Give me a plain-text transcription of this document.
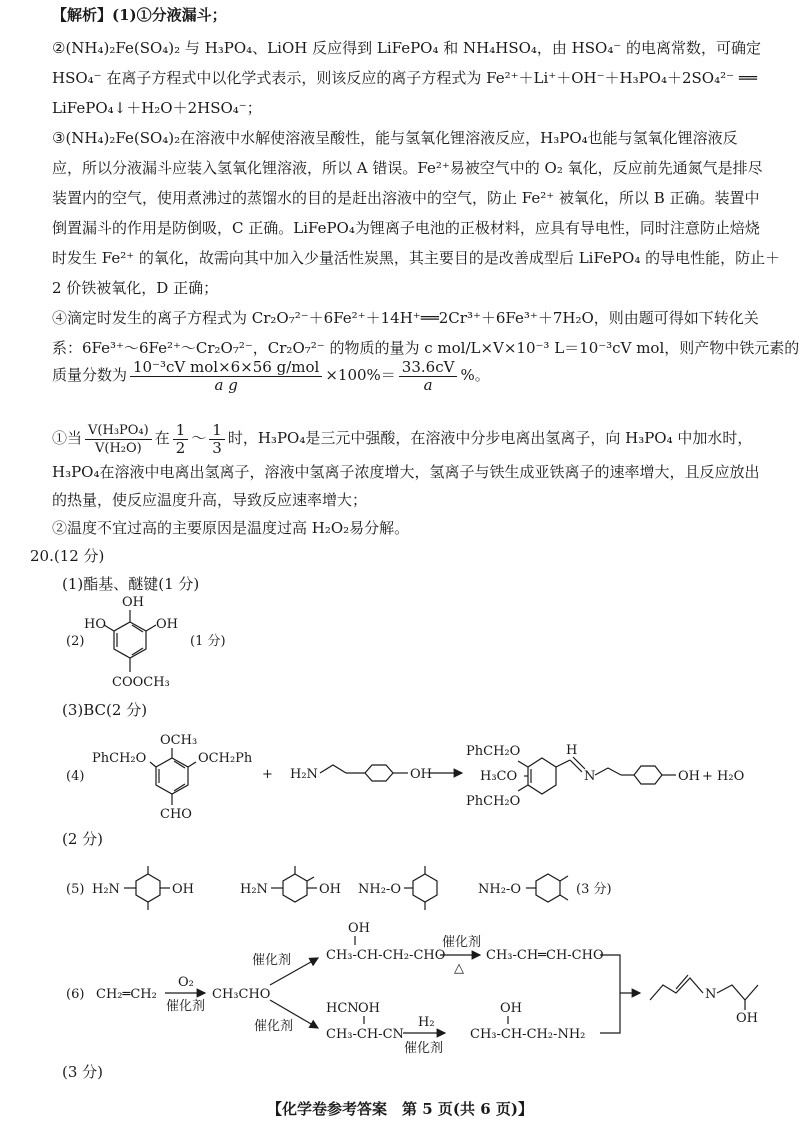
【解析】(1)①分液漏斗；
②(NH₄)₂Fe(SO₄)₂ 与 H₃PO₄、LiOH 反应得到 LiFePO₄ 和 NH₄HSO₄，由 HSO₄⁻ 的电离常数，可确定
HSO₄⁻ 在离子方程式中以化学式表示，则该反应的离子方程式为 Fe²⁺＋Li⁺＋OH⁻＋H₃PO₄＋2SO₄²⁻ ══
LiFePO₄↓＋H₂O＋2HSO₄⁻；
③(NH₄)₂Fe(SO₄)₂在溶液中水解使溶液呈酸性，能与氢氧化锂溶液反应，H₃PO₄也能与氢氧化锂溶液反
应，所以分液漏斗应装入氢氧化锂溶液，所以 A 错误。Fe²⁺易被空气中的 O₂ 氧化，反应前先通氮气是排尽
装置内的空气，使用煮沸过的蒸馏水的目的是赶出溶液中的空气，防止 Fe²⁺ 被氧化，所以 B 正确。装置中
倒置漏斗的作用是防倒吸，C 正确。LiFePO₄为锂离子电池的正极材料，应具有导电性，同时注意防止焙烧
时发生 Fe²⁺ 的氧化，故需向其中加入少量活性炭黑，其主要目的是改善成型后 LiFePO₄ 的导电性能，防止＋
2 价铁被氧化，D 正确；
④滴定时发生的离子方程式为 Cr₂O₇²⁻＋6Fe²⁺＋14H⁺══2Cr³⁺＋6Fe³⁺＋7H₂O，则由题可得如下转化关
系：6Fe³⁺～6Fe²⁺～Cr₂O₇²⁻，Cr₂O₇²⁻ 的物质的量为 c mol/L×V×10⁻³ L＝10⁻³cV mol，则产物中铁元素的
质量分数为 $\frac{\text{10⁻³cV mol×6×56 g/mol}}{\text{a g}} \times 100\%= \frac{33.6cV}{a}$ %。
①当 $\frac{\text{V(H₃PO₄)}}{\text{V(H₂O)}}$ 在 $\frac{1}{2}$ ～ $\frac{1}{3}$ 时，H₃PO₄是三元中强酸，在溶液中分步电离出氢离子，向 H₃PO₄ 中加水时，
H₃PO₄在溶液中电离出氢离子，溶液中氢离子浓度增大，氢离子与铁生成亚铁离子的速率增大，且反应放出
的热量，使反应温度升高，导致反应速率增大；
②温度不宜过高的主要原因是温度过高 H₂O₂易分解。
20.(12 分)
(1)酯基、醚键(1 分)
(3)BC(2 分)
(2 分)
(3 分)
(2)
OH
HO	OH
COOCH₃
(1 分)
(4)
OCH₃
PhCH₂O	OCH₂Ph
CHO
+ H₂N	OH
PhCH₂O
H₃CO
PhCH₂O
H
N	OH + H₂O
(5) H₂N	OH	H₂N	OH NH₂-O	NH₂-O	(3 分)
(6) CH₂═CH₂
O₂
催化剂
CH₃CHO
催化剂
OH
CH₃-CH-CH₂-CHO
催化剂
△
CH₃-CH═CH-CHO
催化剂
HCN OH
CH₃-CH-CN
H₂
催化剂
OH
CH₃-CH-CH₂-NH₂
N
OH
【化学卷参考答案　第 5 页(共 6 页)】
